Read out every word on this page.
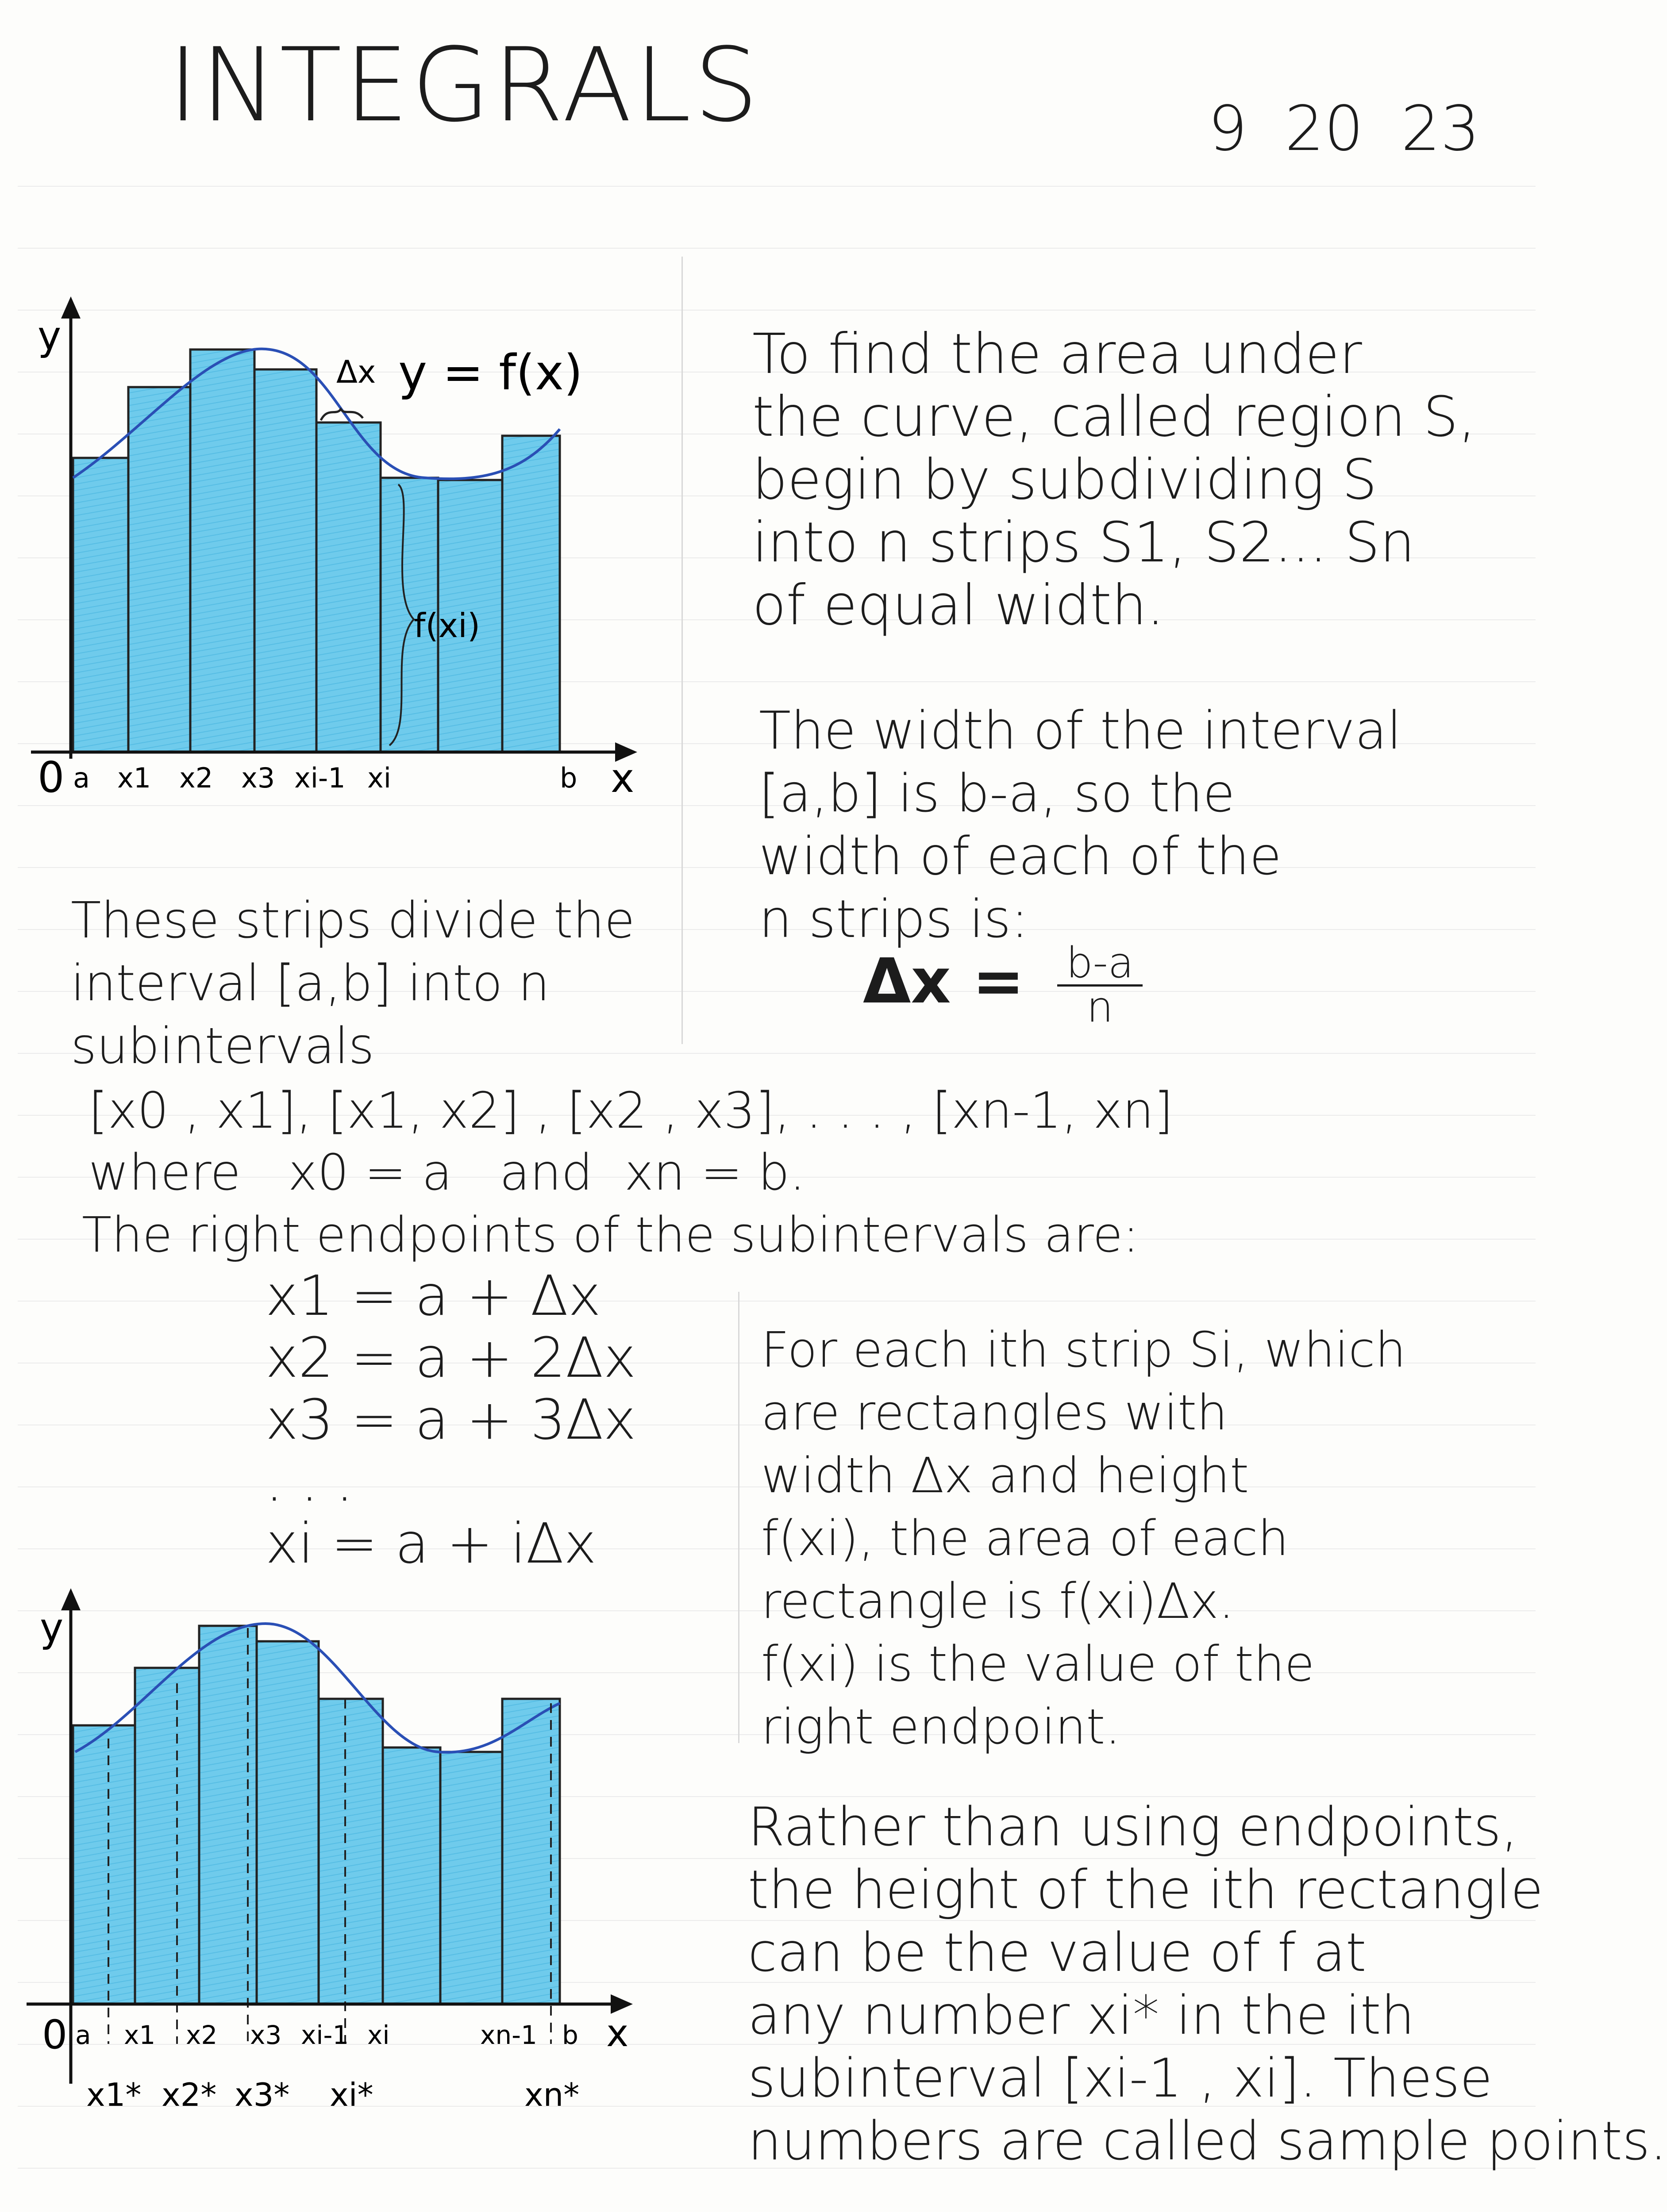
INTEGRALS	9 20 23
y
y = f(x)
Δx
f(xi)
0	x
a x1 x2 x3 xi-1 xi	b
To find the area under
the curve, called region S,
begin by subdividing S
into n strips S1, S2... Sn
of equal width.
The width of the interval
[a,b] is b-a, so the
width of each of the
n strips is:
$\Delta x = \frac{b-a}{n}$
These strips divide the
interval [a,b] into n
subintervals
[x0 , x1], [x1, x2] , [x2 , x3], . . . , [xn-1, xn]
where   x0 = a   and  xn = b.
The right endpoints of the subintervals are:
x1 = a + Δx
x2 = a + 2Δx
x3 = a + 3Δx
. . .
xi = a + iΔx
For each ith strip Si, which
are rectangles with
width Δx and height
f(xi), the area of each
rectangle is f(xi)Δx.
f(xi) is the value of the
right endpoint.
y
0	x
a x1 x2 x3 xi-1 xi	xn-1 b
x1* x2* x3* xi*	xn*
Rather than using endpoints,
the height of the ith rectangle
can be the value of f at
any number xi* in the ith
subinterval [xi-1 , xi]. These
numbers are called sample points.
